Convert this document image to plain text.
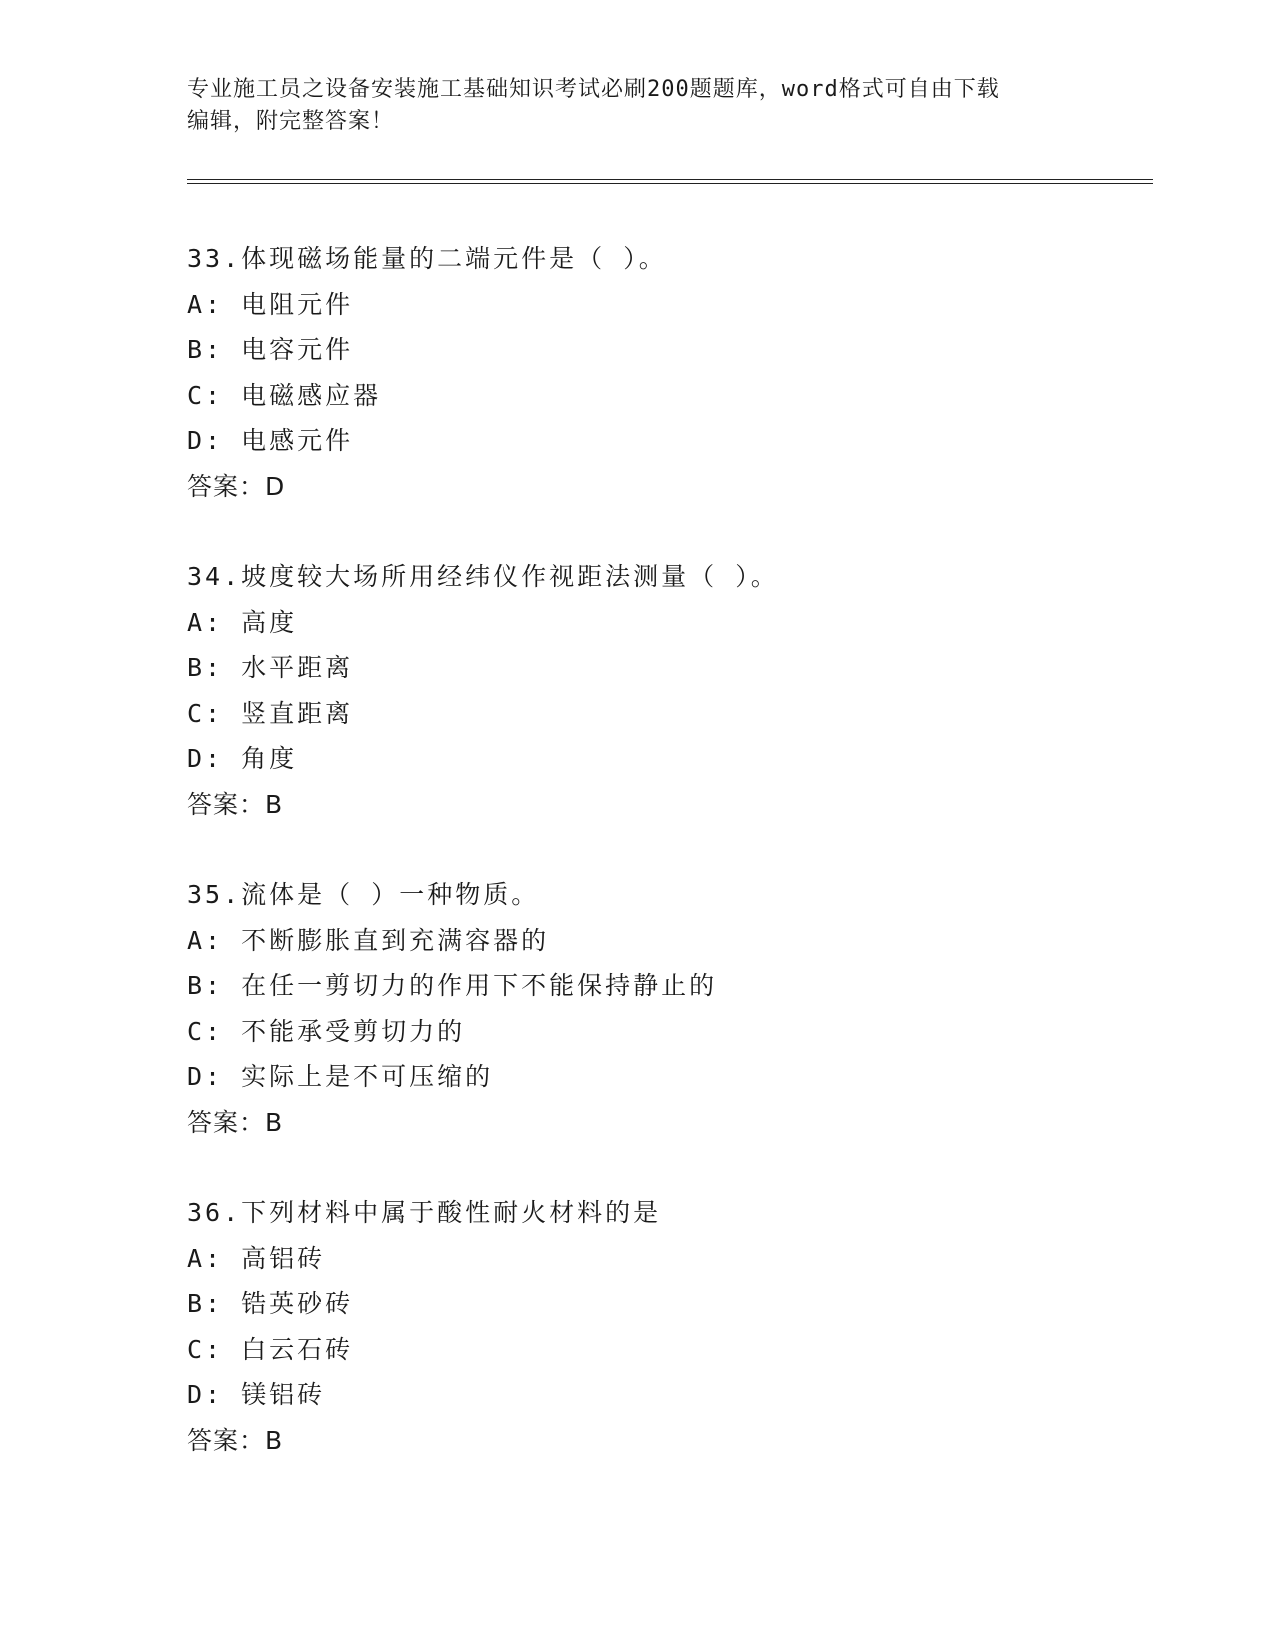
专业施工员之设备安装施工基础知识考试必刷200题题库，word格式可自由下载
编辑，附完整答案！
33.体现磁场能量的二端元件是（ ）。
A: 电阻元件
B: 电容元件
C: 电磁感应器
D: 电感元件
答案：D
34.坡度较大场所用经纬仪作视距法测量（ ）。
A: 高度
B: 水平距离
C: 竖直距离
D: 角度
答案：B
35.流体是（ ）一种物质。
A: 不断膨胀直到充满容器的
B: 在任一剪切力的作用下不能保持静止的
C: 不能承受剪切力的
D: 实际上是不可压缩的
答案：B
36.下列材料中属于酸性耐火材料的是
A: 高铝砖
B: 锆英砂砖
C: 白云石砖
D: 镁铝砖
答案：B
